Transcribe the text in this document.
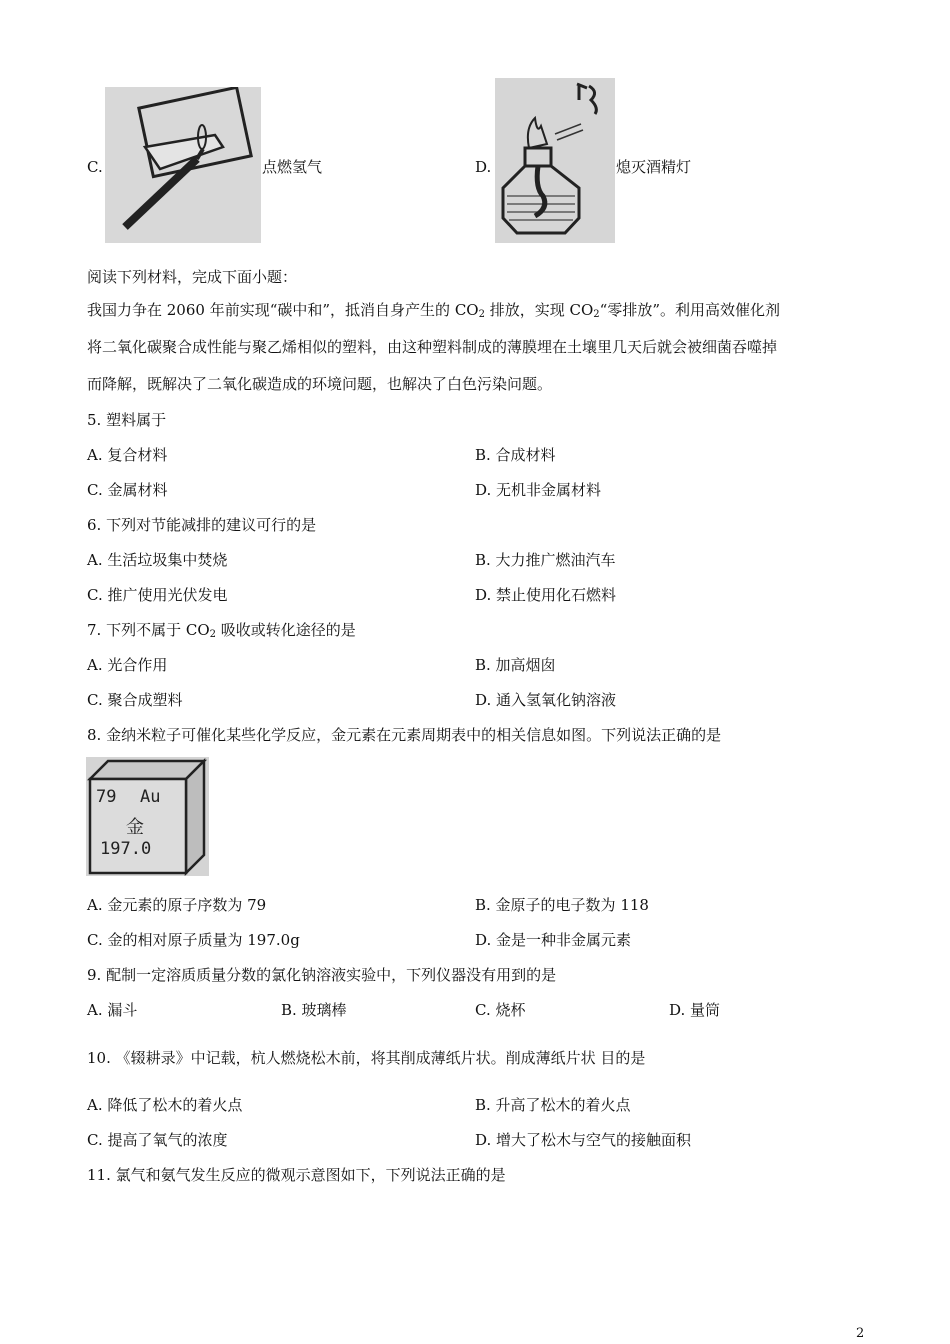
C.	点燃氢气	D.	熄灭酒精灯
阅读下列材料，完成下面小题：
我国力争在 2060 年前实现“碳中和”，抵消自身产生的 $CO_2$ 排放，实现 $CO_2“$零排放”。利用高效催化剂
将二氧化碳聚合成性能与聚乙烯相似的塑料，由这种塑料制成的薄膜埋在土壤里几天后就会被细菌吞噬掉
而降解，既解决了二氧化碳造成的环境问题，也解决了白色污染问题。
5. 塑料属于
A. 复合材料	B. 合成材料
C. 金属材料	D. 无机非金属材料
6. 下列对节能减排的建议可行的是
A. 生活垃圾集中焚烧	B. 大力推广燃油汽车
C. 推广使用光伏发电	D. 禁止使用化石燃料
7. 下列不属于 $CO_2$ 吸收或转化途径的是
A. 光合作用	B. 加高烟囱
C. 聚合成塑料	D. 通入氢氧化钠溶液
8. 金纳米粒子可催化某些化学反应，金元素在元素周期表中的相关信息如图。下列说法正确的是
79 Au
金
197.0
A. 金元素的原子序数为 79	B. 金原子的电子数为 118
C. 金的相对原子质量为 197.0g	D. 金是一种非金属元素
9. 配制一定溶质质量分数的氯化钠溶液实验中，下列仪器没有用到的是
A. 漏斗	B. 玻璃棒	C. 烧杯	D. 量筒
10. 《辍耕录》中记载，杭人燃烧松木前，将其削成薄纸片状。削成薄纸片状 目的是
A. 降低了松木的着火点	B. 升高了松木的着火点
C. 提高了氧气的浓度	D. 增大了松木与空气的接触面积
11. 氯气和氨气发生反应的微观示意图如下，下列说法正确的是
2
